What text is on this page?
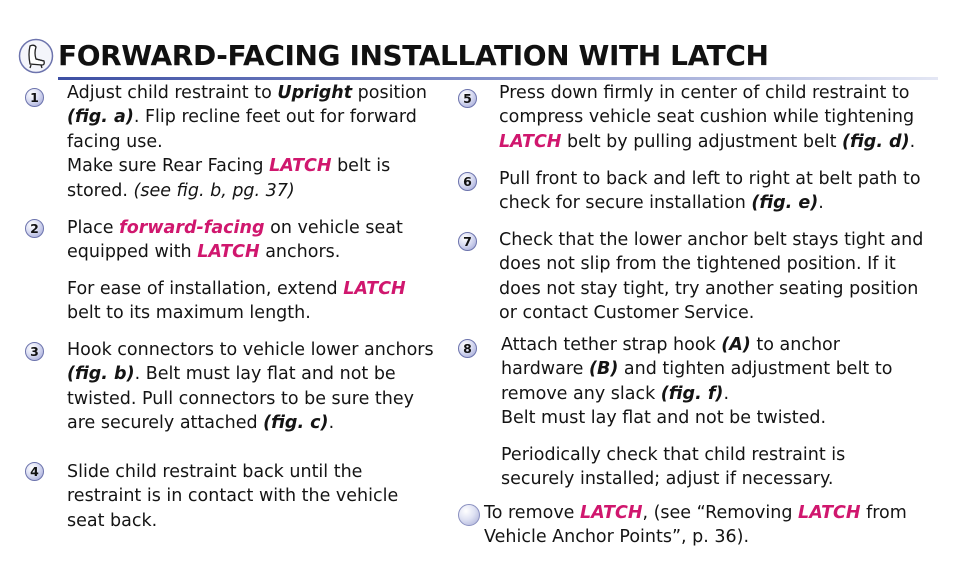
FORWARD-FACING INSTALLATION WITH LATCH
1 Adjust child restraint to Upright position
(fig. a). Flip recline feet out for forward facing use.

Make sure Rear Facing LATCH belt is stored. (see fig. b, pg. 37)

2 Place forward-facing on vehicle seat equipped with LATCH anchors.

For ease of installation, extend LATCH belt to its maximum length.

3 Hook connectors to vehicle lower anchors (fig. b). Belt must lay flat and not be twisted. Pull connectors to be sure they are securely attached (fig. c).

4 Slide child restraint back until the restraint is in contact with the vehicle seat back.

5 Press down firmly in center of child restraint to compress vehicle seat cushion while tightening LATCH belt by pulling adjustment belt (fig. d).

6 Pull front to back and left to right at belt path to check for secure installation (fig. e).

7 Check that the lower anchor belt stays tight and does not slip from the tightened position. If it does not stay tight, try another seating position or contact Customer Service.

8 Attach tether strap hook (A) to anchor hardware (B) and tighten adjustment belt to remove any slack (fig. f).

Belt must lay flat and not be twisted.

Periodically check that child restraint is securely installed; adjust if necessary.

To remove LATCH, (see “Removing LATCH from Vehicle Anchor Points”, p. 36).
